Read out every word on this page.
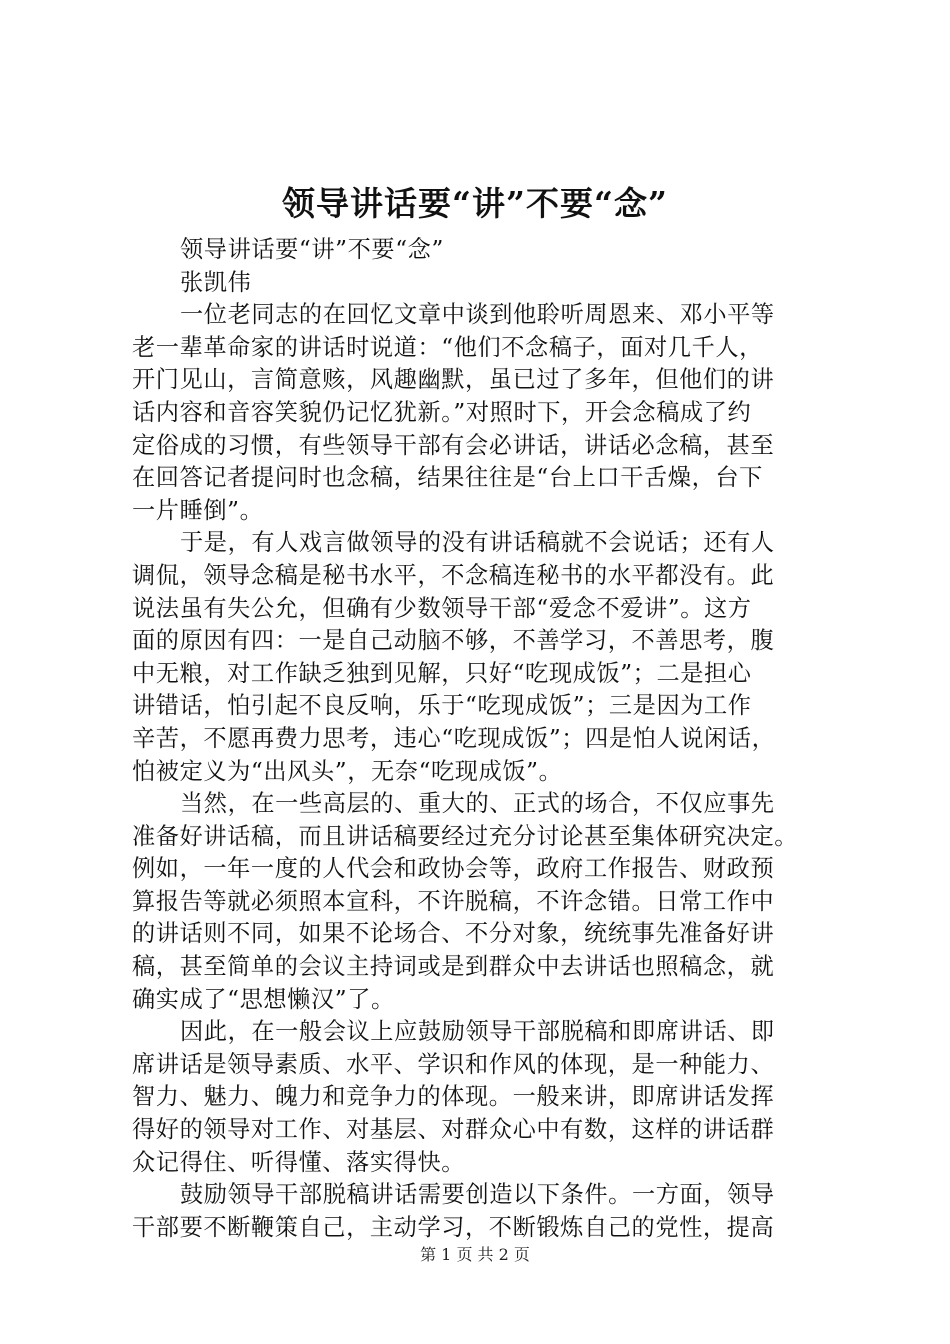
领导讲话要“讲”不要“念”
领导讲话要“讲”不要“念”
张凯伟
一位老同志的在回忆文章中谈到他聆听周恩来、邓小平等
老一辈革命家的讲话时说道：“他们不念稿子，面对几千人，
开门见山，言简意赅，风趣幽默，虽已过了多年，但他们的讲
话内容和音容笑貌仍记忆犹新。”对照时下，开会念稿成了约
定俗成的习惯，有些领导干部有会必讲话，讲话必念稿，甚至
在回答记者提问时也念稿，结果往往是“台上口干舌燥，台下
一片睡倒”。
于是，有人戏言做领导的没有讲话稿就不会说话；还有人
调侃，领导念稿是秘书水平，不念稿连秘书的水平都没有。此
说法虽有失公允，但确有少数领导干部“爱念不爱讲”。这方
面的原因有四：一是自己动脑不够，不善学习，不善思考，腹
中无粮，对工作缺乏独到见解，只好“吃现成饭”；二是担心
讲错话，怕引起不良反响，乐于“吃现成饭”；三是因为工作
辛苦，不愿再费力思考，违心“吃现成饭”；四是怕人说闲话，
怕被定义为“出风头”，无奈“吃现成饭”。
当然，在一些高层的、重大的、正式的场合，不仅应事先
准备好讲话稿，而且讲话稿要经过充分讨论甚至集体研究决定。
例如，一年一度的人代会和政协会等，政府工作报告、财政预
算报告等就必须照本宣科，不许脱稿，不许念错。日常工作中
的讲话则不同，如果不论场合、不分对象，统统事先准备好讲
稿，甚至简单的会议主持词或是到群众中去讲话也照稿念，就
确实成了“思想懒汉”了。
因此，在一般会议上应鼓励领导干部脱稿和即席讲话、即
席讲话是领导素质、水平、学识和作风的体现，是一种能力、
智力、魅力、魄力和竞争力的体现。一般来讲，即席讲话发挥
得好的领导对工作、对基层、对群众心中有数，这样的讲话群
众记得住、听得懂、落实得快。
鼓励领导干部脱稿讲话需要创造以下条件。一方面，领导
干部要不断鞭策自己，主动学习，不断锻炼自己的党性，提高
第 1 页 共 2 页
